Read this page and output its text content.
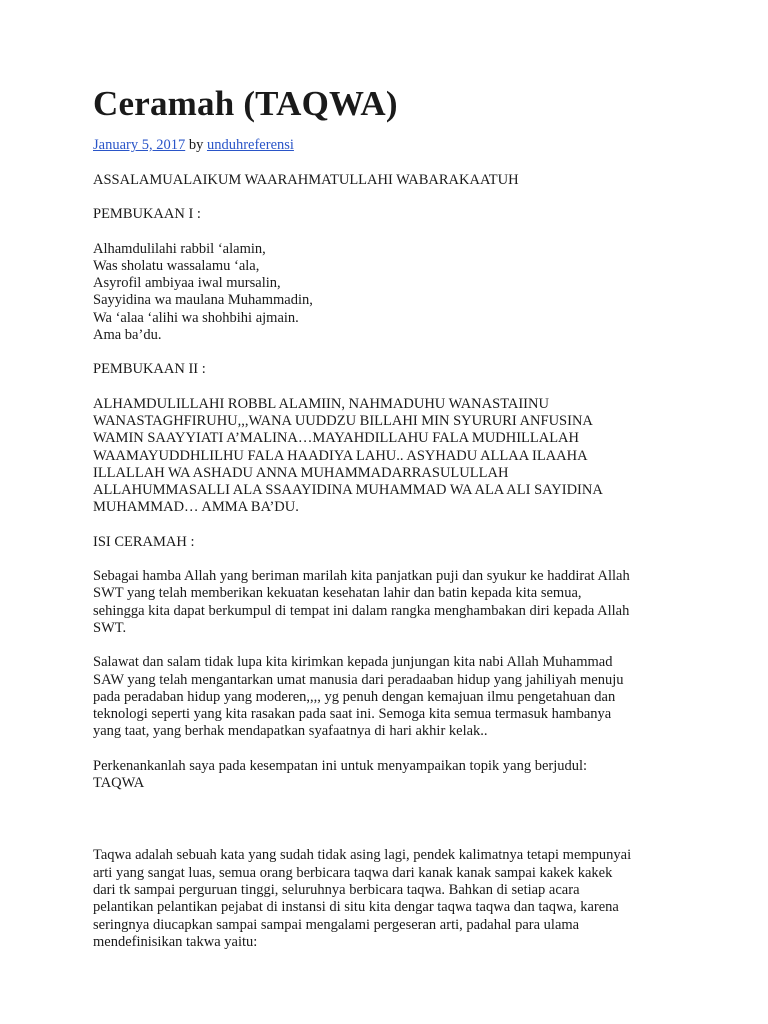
Ceramah (TAQWA)
January 5, 2017 by unduhreferensi

ASSALAMUALAIKUM WAARAHMATULLAHI WABARAKAATUH

PEMBUKAAN I :

Alhamdulilahi rabbil ‘alamin,
Was sholatu wassalamu ‘ala,
Asyrofil ambiyaa iwal mursalin,
Sayyidina wa maulana Muhammadin,
Wa ‘alaa ‘alihi wa shohbihi ajmain.
Ama ba’du.

PEMBUKAAN II :

ALHAMDULILLAHI ROBBL ALAMIIN, NAHMADUHU WANASTAIINU
WANASTAGHFIRUHU,,,WANA UUDDZU BILLAHI MIN SYURURI ANFUSINA
WAMIN SAAYYIATI A’MALINA…MAYAHDILLAHU FALA MUDHILLALAH
WAAMAYUDDHLILHU FALA HAADIYA LAHU.. ASYHADU ALLAA ILAAHA
ILLALLAH WA ASHADU ANNA MUHAMMADARRASULULLAH
ALLAHUMMASALLI ALA SSAAYIDINA MUHAMMAD WA ALA ALI SAYIDINA
MUHAMMAD… AMMA BA’DU.

ISI CERAMAH :

Sebagai hamba Allah yang beriman marilah kita panjatkan puji dan syukur ke haddirat Allah
SWT yang telah memberikan kekuatan kesehatan lahir dan batin kepada kita semua,
sehingga kita dapat berkumpul di tempat ini dalam rangka menghambakan diri kepada Allah
SWT.

Salawat dan salam tidak lupa kita kirimkan kepada junjungan kita nabi Allah Muhammad
SAW yang telah mengantarkan umat manusia dari peradaaban hidup yang jahiliyah menuju
pada peradaban hidup yang moderen,,,, yg penuh dengan kemajuan ilmu pengetahuan dan
teknologi seperti yang kita rasakan pada saat ini. Semoga kita semua termasuk hambanya
yang taat, yang berhak mendapatkan syafaatnya di hari akhir kelak..

Perkenankanlah saya pada kesempatan ini untuk menyampaikan topik yang berjudul:
TAQWA

Taqwa adalah sebuah kata yang sudah tidak asing lagi, pendek kalimatnya tetapi mempunyai
arti yang sangat luas, semua orang berbicara taqwa dari kanak kanak sampai kakek kakek
dari tk sampai perguruan tinggi, seluruhnya berbicara taqwa. Bahkan di setiap acara
pelantikan pelantikan pejabat di instansi di situ kita dengar taqwa taqwa dan taqwa, karena
seringnya diucapkan sampai sampai mengalami pergeseran arti, padahal para ulama
mendefinisikan takwa yaitu:
